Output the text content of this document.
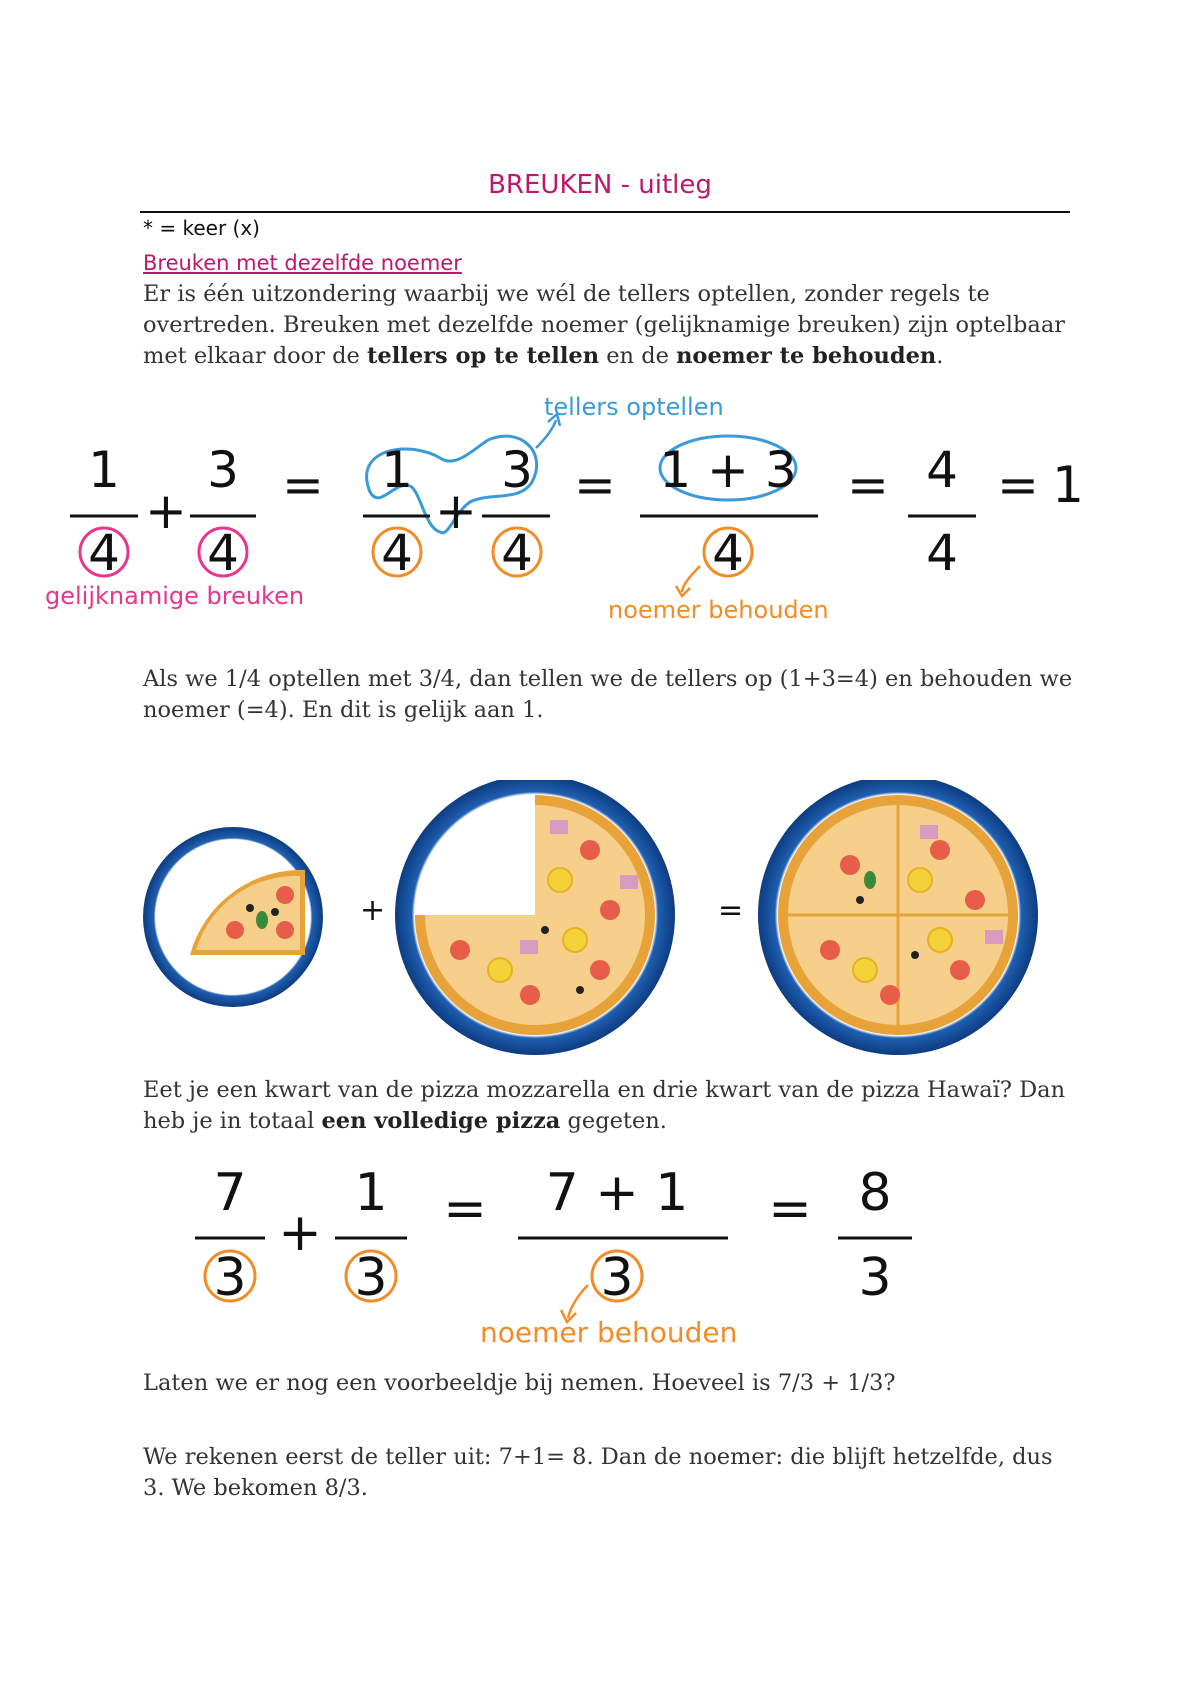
BREUKEN - uitleg
* = keer (x)
Breuken met dezelfde noemer
Er is één uitzondering waarbij we wél de tellers optellen, zonder regels te overtreden. Breuken met dezelfde noemer (gelijknamige breuken) zijn optelbaar met elkaar door de tellers op te tellen en de noemer te behouden.
1
4
+
3
4
= 1
4
+
3
4
= 1 + 3
4
= 4
4
= 1
tellers optellen
gelijknamige breuken	noemer behouden
Als we 1/4 optellen met 3/4, dan tellen we de tellers op (1+3=4) en behouden we noemer (=4). En dit is gelijk aan 1.
+	=
Eet je een kwart van de pizza mozzarella en drie kwart van de pizza Hawaï? Dan heb je in totaal een volledige pizza gegeten.
7
3
+
1
3
= 7 + 1
3
= 8
3
noemer behouden
Laten we er nog een voorbeeldje bij nemen. Hoeveel is 7/3 + 1/3?
We rekenen eerst de teller uit: 7+1= 8. Dan de noemer: die blijft hetzelfde, dus 3. We bekomen 8/3.
